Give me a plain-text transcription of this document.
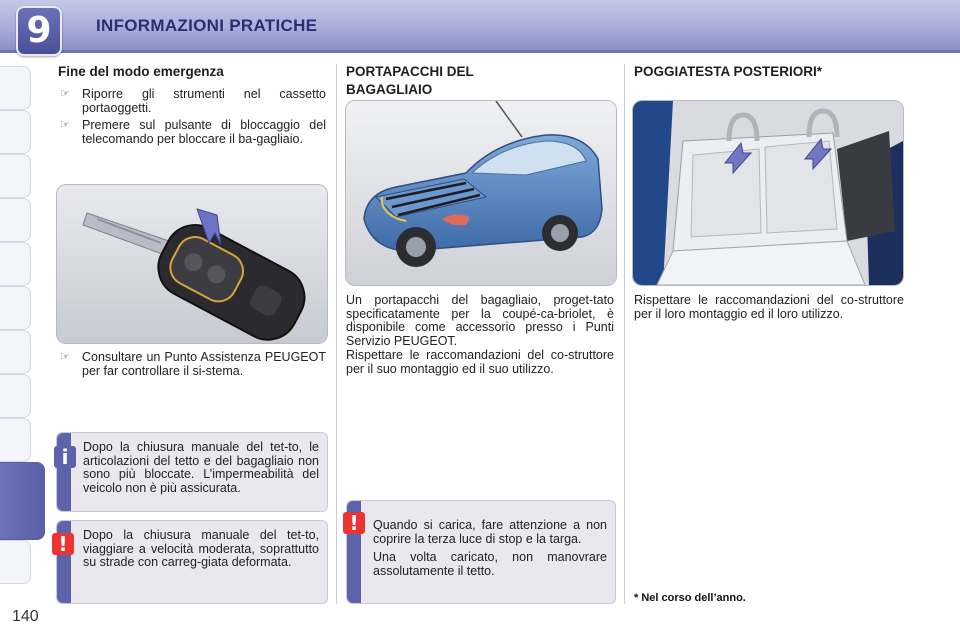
9	INFORMAZIONI PRATICHE
140
Fine del modo emergenza
☞ Riporre gli strumenti nel cassetto portaoggetti.
☞ Premere sul pulsante di bloccaggio del telecomando per bloccare il ba-gagliaio.
☞ Consultare un Punto Assistenza PEUGEOT per far controllare il si-stema.
Dopo la chiusura manuale del tet-to, le articolazioni del tetto e del bagagliaio non sono più bloccate. L’impermeabilità del veicolo non è più assicurata.
i
Dopo la chiusura manuale del tet-to, viaggiare a velocità moderata, soprattutto su strade con carreg-giata deformata.
!
PORTAPACCHI DEL BAGAGLIAIO
Un portapacchi del bagagliaio, proget-tato specificatamente per la coupé-ca-briolet, è disponibile come accessorio presso i Punti Servizio PEUGEOT.
Rispettare le raccomandazioni del co-struttore per il suo montaggio ed il suo utilizzo.
Quando si carica, fare attenzione a non coprire la terza luce di stop e la targa.
Una volta caricato, non manovrare assolutamente il tetto.
!
POGGIATESTA POSTERIORI*
Rispettare le raccomandazioni del co-struttore per il loro montaggio ed il loro utilizzo.
* Nel corso dell’anno.
